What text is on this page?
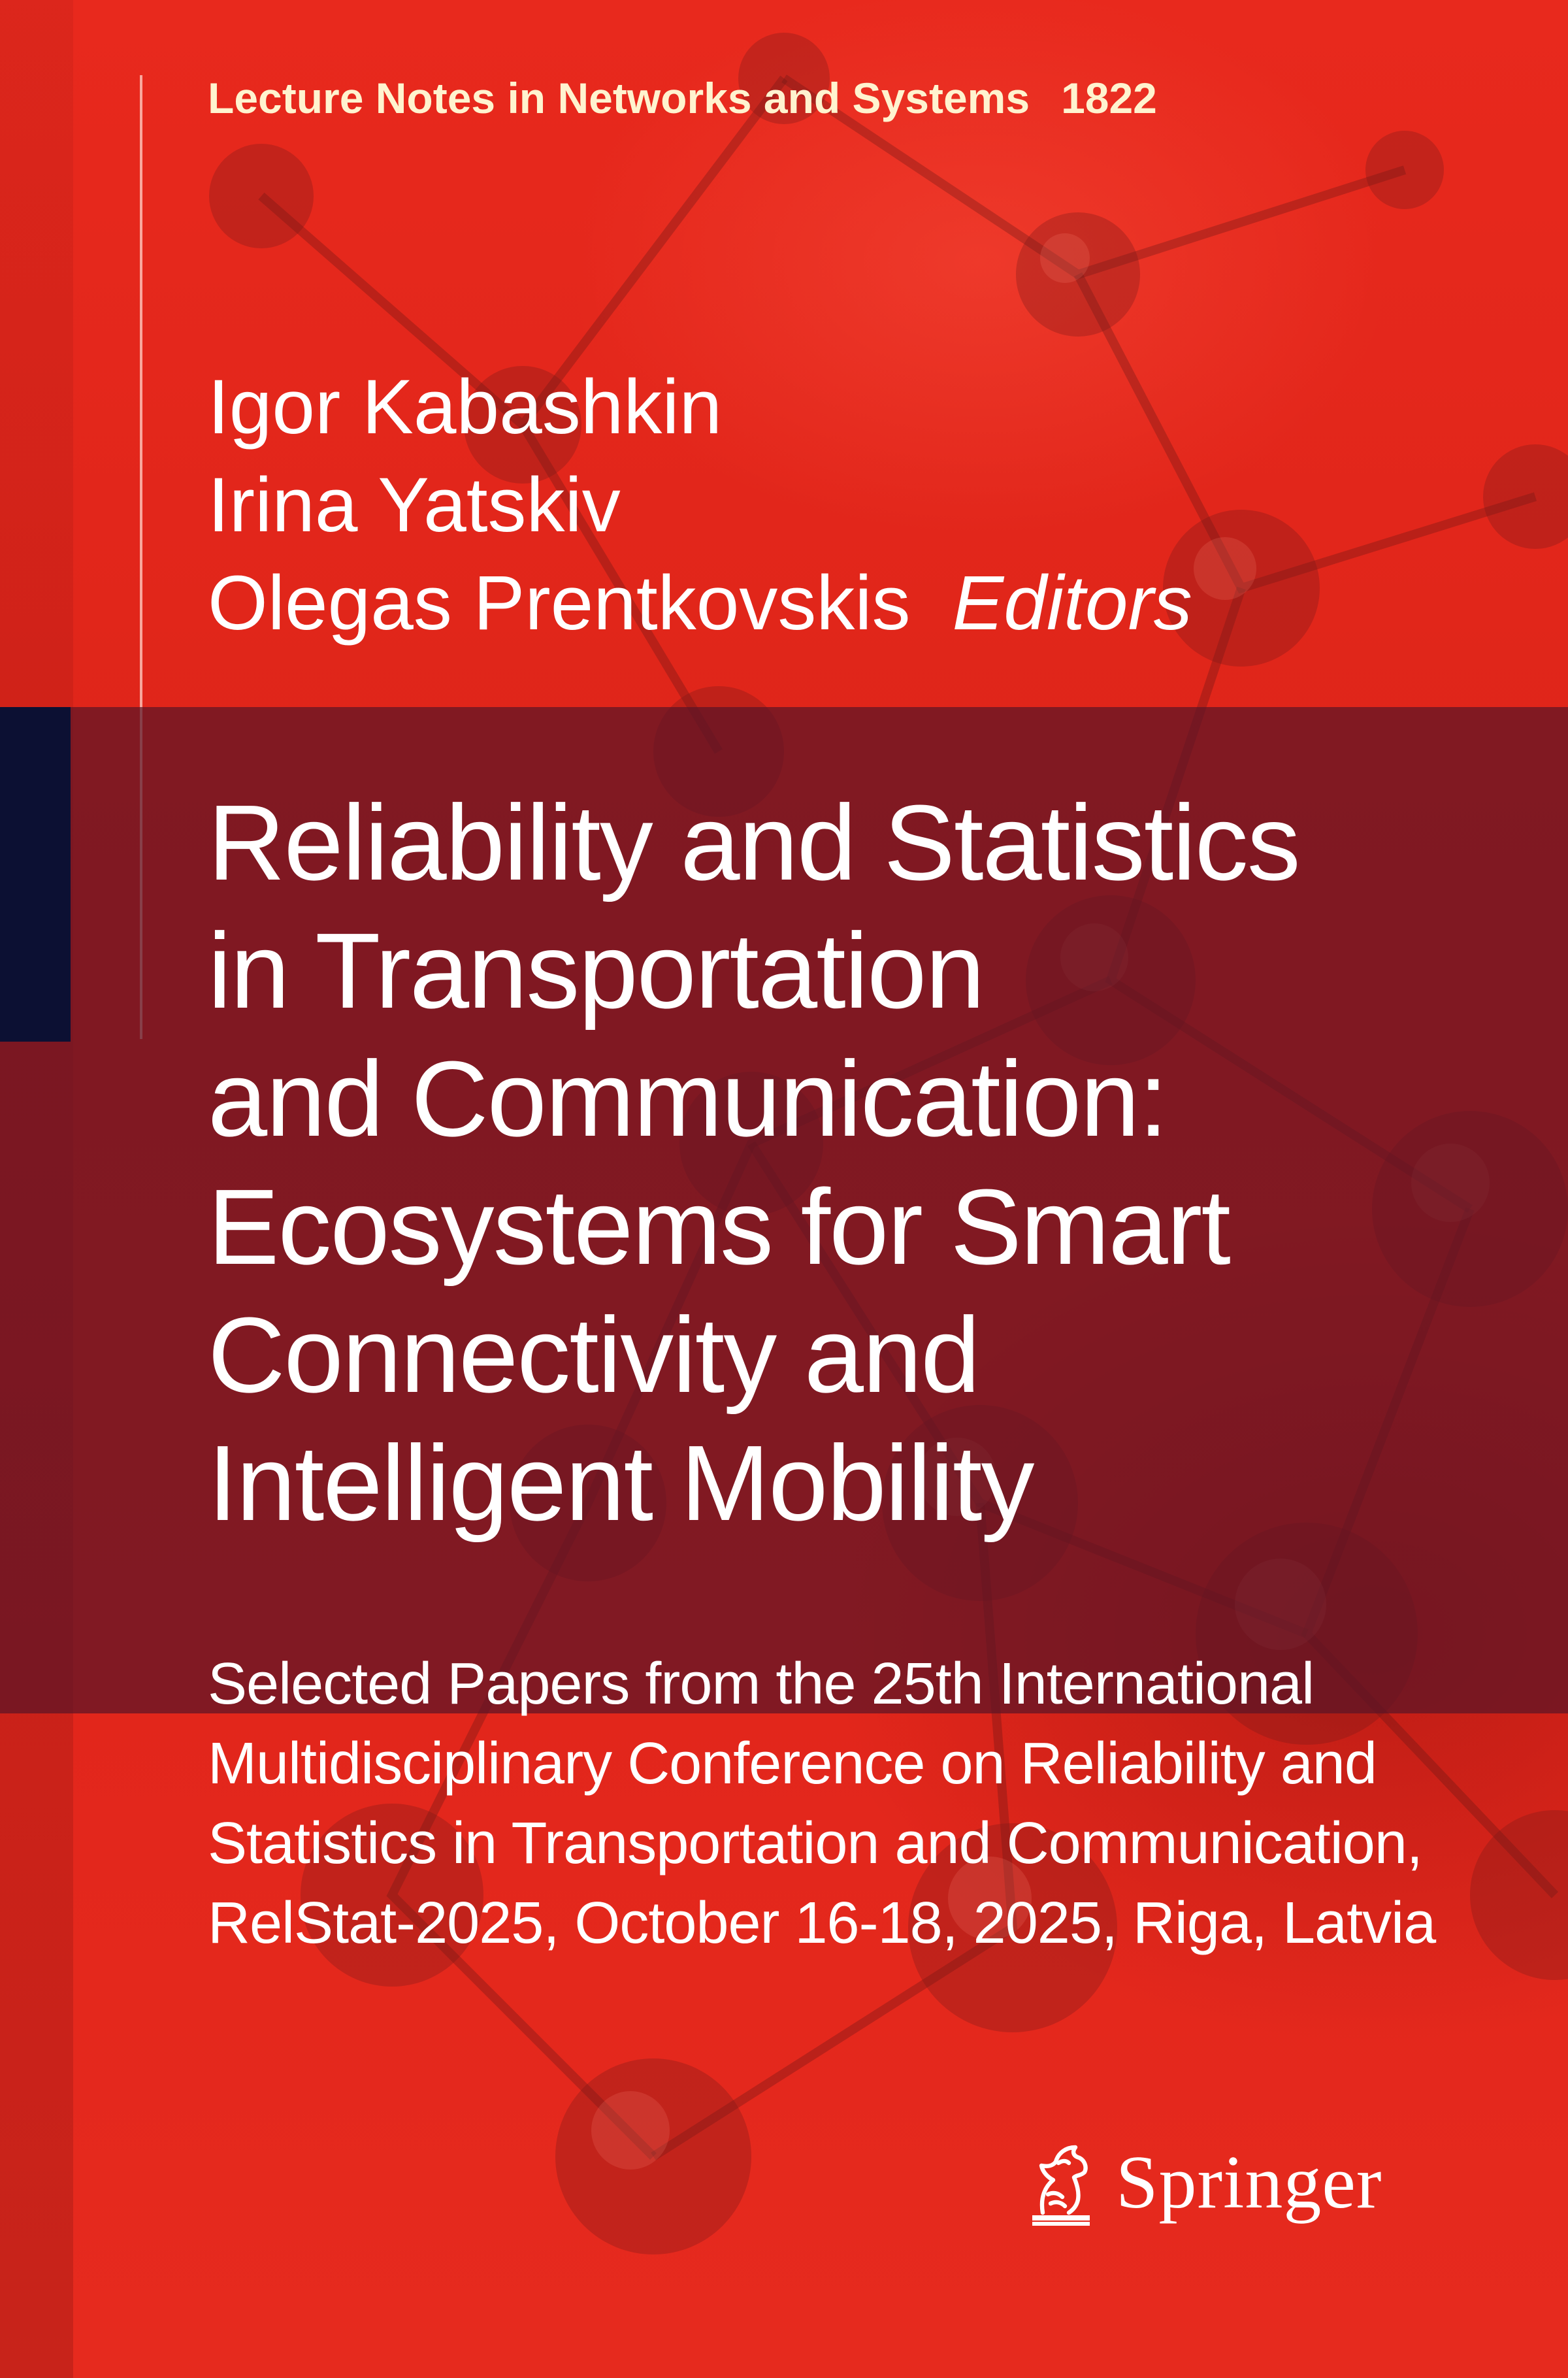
Lecture Notes in Networks and Systems 1822
Igor Kabashkin
Irina Yatskiv
Olegas Prentkovskis Editors
Reliability and Statistics
in Transportation
and Communication:
Ecosystems for Smart
Connectivity and
Intelligent Mobility
Selected Papers from the 25th International
Multidisciplinary Conference on Reliability and
Statistics in Transportation and Communication,
RelStat-2025, October 16-18, 2025, Riga, Latvia
Springer
